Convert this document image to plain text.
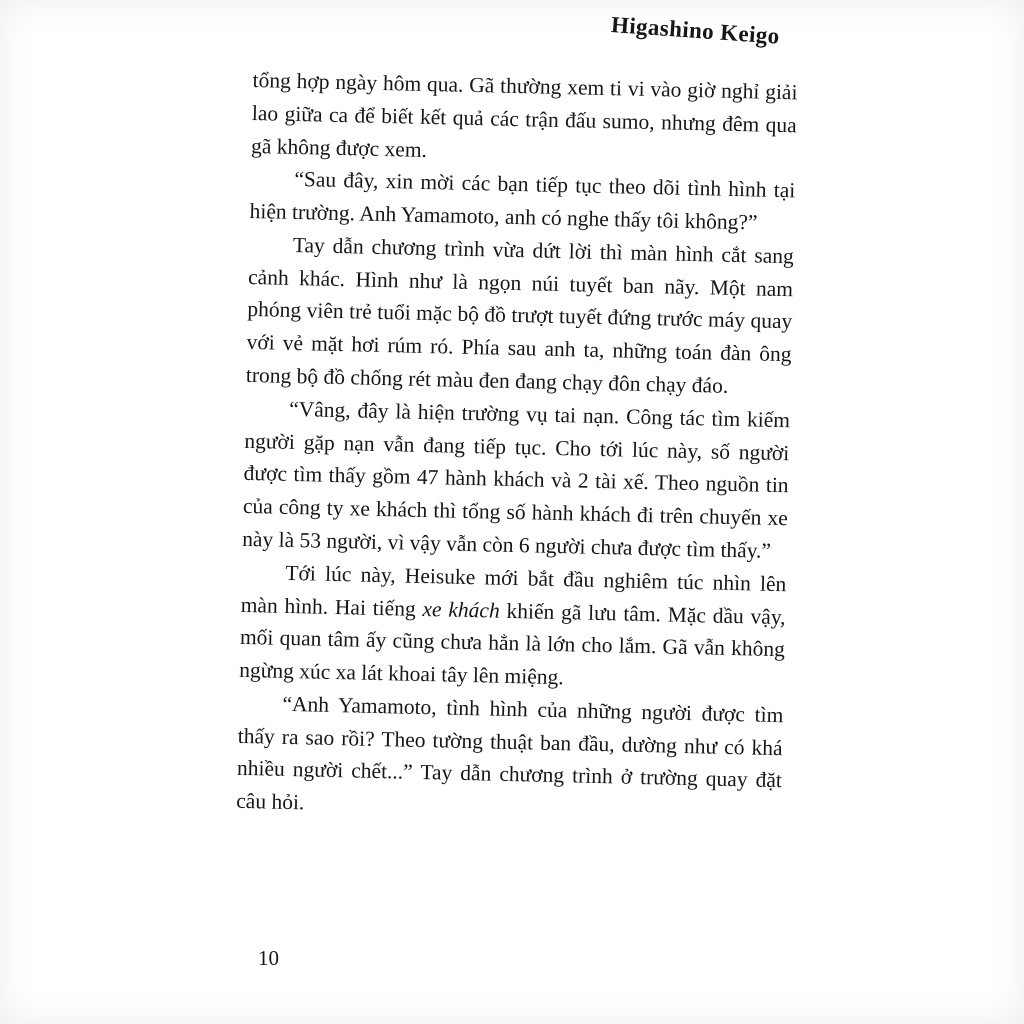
Higashino Keigo

tổng hợp ngày hôm qua. Gã thường xem ti vi vào giờ nghỉ giải lao giữa ca để biết kết quả các trận đấu sumo, nhưng đêm qua gã không được xem.

“Sau đây, xin mời các bạn tiếp tục theo dõi tình hình tại hiện trường. Anh Yamamoto, anh có nghe thấy tôi không?”

Tay dẫn chương trình vừa dứt lời thì màn hình cắt sang cảnh khác. Hình như là ngọn núi tuyết ban nãy. Một nam phóng viên trẻ tuổi mặc bộ đồ trượt tuyết đứng trước máy quay với vẻ mặt hơi rúm ró. Phía sau anh ta, những toán đàn ông trong bộ đồ chống rét màu đen đang chạy đôn chạy đáo.

“Vâng, đây là hiện trường vụ tai nạn. Công tác tìm kiếm người gặp nạn vẫn đang tiếp tục. Cho tới lúc này, số người được tìm thấy gồm 47 hành khách và 2 tài xế. Theo nguồn tin của công ty xe khách thì tổng số hành khách đi trên chuyến xe này là 53 người, vì vậy vẫn còn 6 người chưa được tìm thấy.”

Tới lúc này, Heisuke mới bắt đầu nghiêm túc nhìn lên màn hình. Hai tiếng xe khách khiến gã lưu tâm. Mặc dầu vậy, mối quan tâm ấy cũng chưa hẳn là lớn cho lắm. Gã vẫn không ngừng xúc xa lát khoai tây lên miệng.

“Anh Yamamoto, tình hình của những người được tìm thấy ra sao rồi? Theo tường thuật ban đầu, dường như có khá nhiều người chết...” Tay dẫn chương trình ở trường quay đặt câu hỏi.

10
